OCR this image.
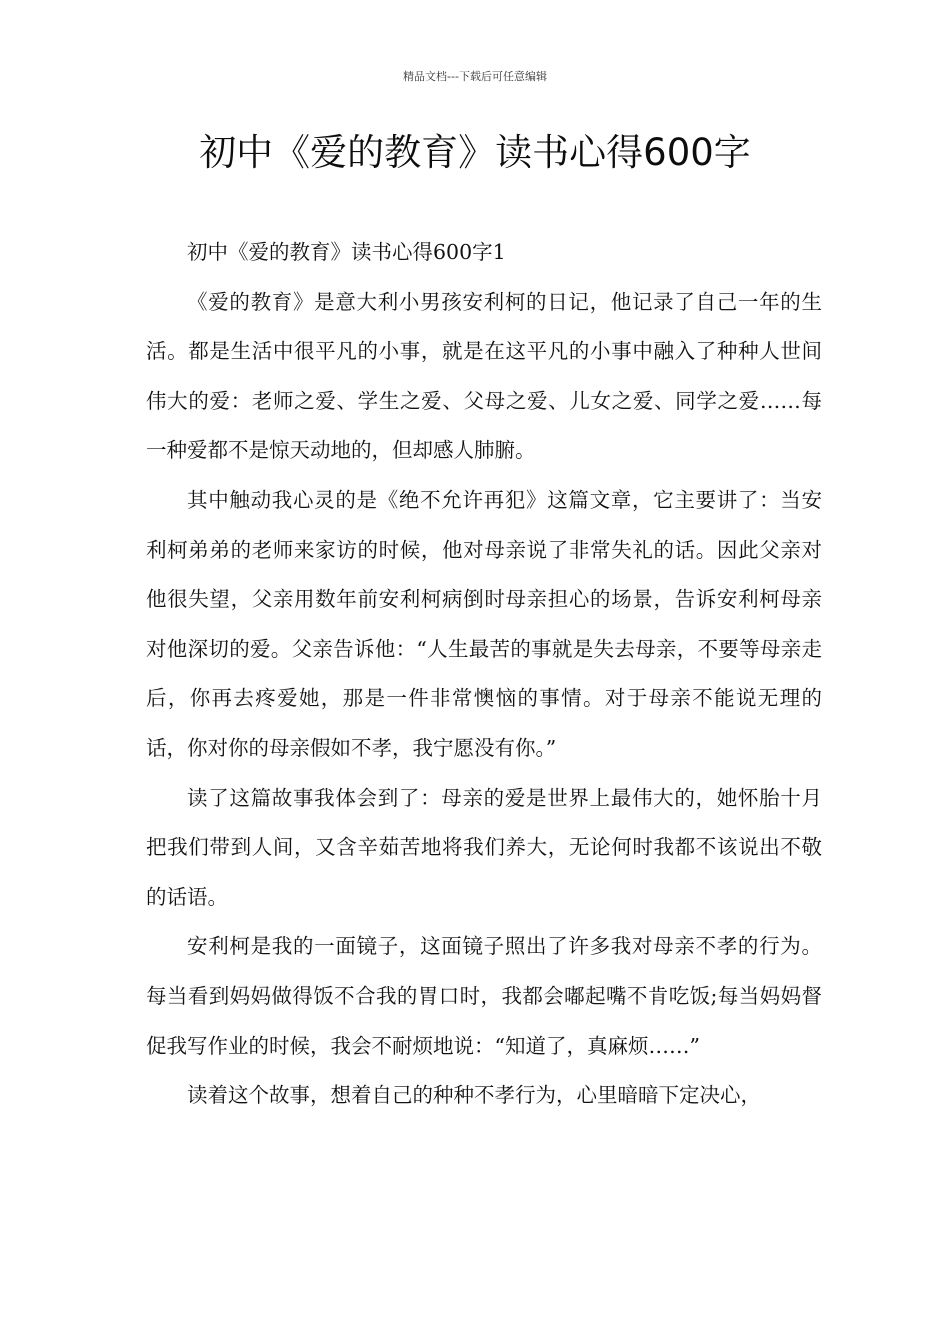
精品文档---下载后可任意编辑
初中《爱的教育》读书心得600字

初中《爱的教育》读书心得600字1

《爱的教育》是意大利小男孩安利柯的日记，他记录了自己一年的生活。都是生活中很平凡的小事，就是在这平凡的小事中融入了种种人世间伟大的爱：老师之爱、学生之爱、父母之爱、儿女之爱、同学之爱……每一种爱都不是惊天动地的，但却感人肺腑。

其中触动我心灵的是《绝不允许再犯》这篇文章，它主要讲了：当安利柯弟弟的老师来家访的时候，他对母亲说了非常失礼的话。因此父亲对他很失望，父亲用数年前安利柯病倒时母亲担心的场景，告诉安利柯母亲对他深切的爱。父亲告诉他：“人生最苦的事就是失去母亲，不要等母亲走后，你再去疼爱她，那是一件非常懊恼的事情。对于母亲不能说无理的话，你对你的母亲假如不孝，我宁愿没有你。”

读了这篇故事我体会到了：母亲的爱是世界上最伟大的，她怀胎十月把我们带到人间，又含辛茹苦地将我们养大，无论何时我都不该说出不敬的话语。

安利柯是我的一面镜子，这面镜子照出了许多我对母亲不孝的行为。每当看到妈妈做得饭不合我的胃口时，我都会嘟起嘴不肯吃饭;每当妈妈督促我写作业的时候，我会不耐烦地说：“知道了，真麻烦……”

读着这个故事，想着自己的种种不孝行为，心里暗暗下定决心，
